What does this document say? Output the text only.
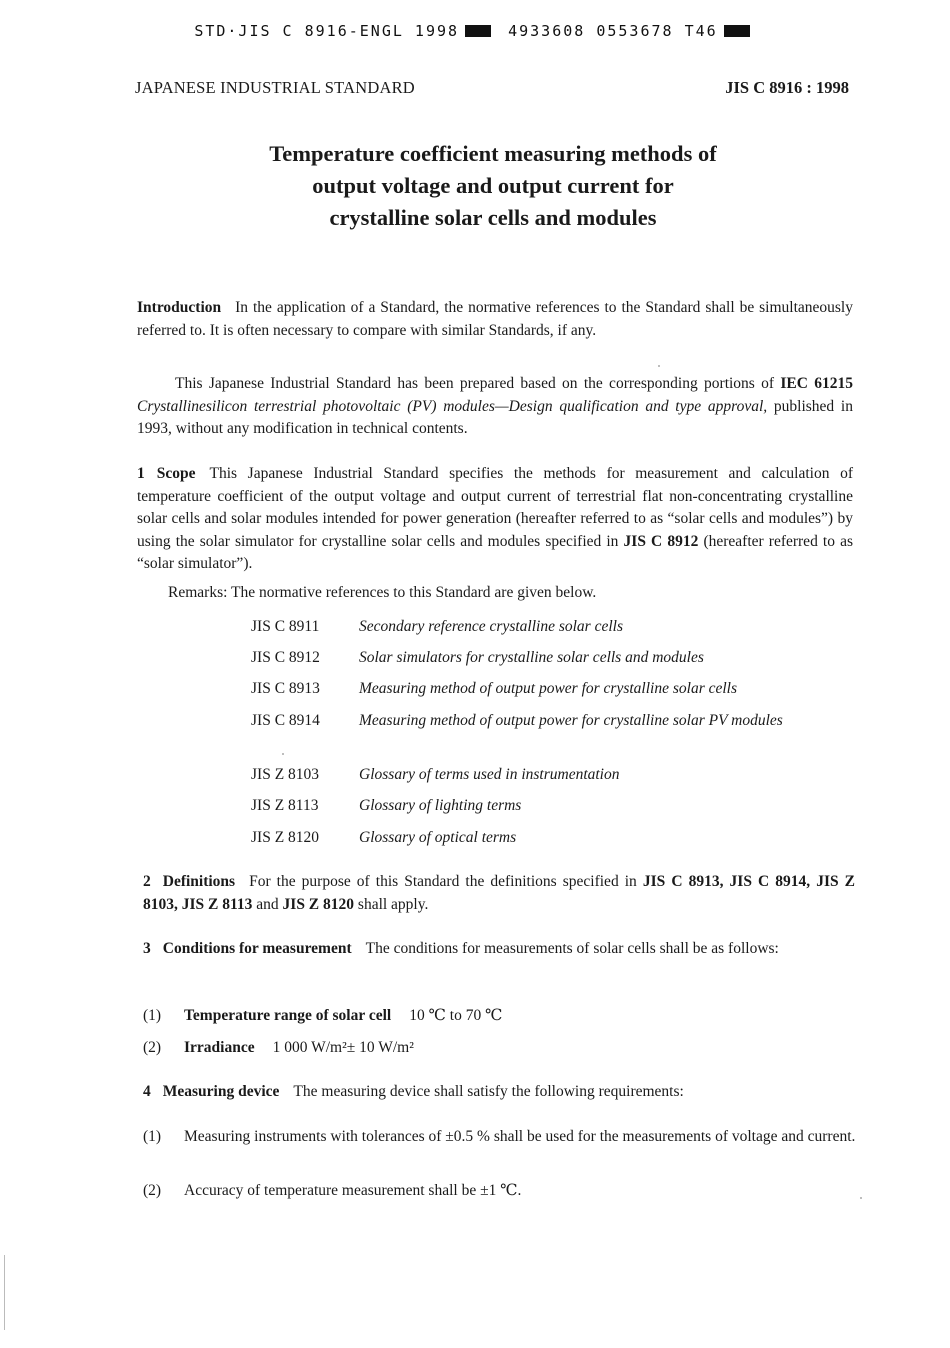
STD·JIS C 8916-ENGL 1998	4933608 0553678 T46
JAPANESE INDUSTRIAL STANDARD	JIS C 8916 : 1998
Temperature coefficient measuring methods of
output voltage and output current for
crystalline solar cells and modules
Introduction In the application of a Standard, the normative references to the Standard shall be simultaneously referred to. It is often necessary to compare with similar Standards, if any.
This Japanese Industrial Standard has been prepared based on the corresponding portions of IEC 61215 Crystallinesilicon terrestrial photovoltaic (PV) modules—Design qualification and type approval, published in 1993, without any modification in technical contents.
1 Scope This Japanese Industrial Standard specifies the methods for measurement and calculation of temperature coefficient of the output voltage and output current of terrestrial flat non-concentrating crystalline solar cells and solar modules intended for power generation (hereafter referred to as “solar cells and modules”) by using the solar simulator for crystalline solar cells and modules specified in JIS C 8912 (hereafter referred to as “solar simulator”).
Remarks: The normative references to this Standard are given below.
JIS C 8911	Secondary reference crystalline solar cells
JIS C 8912	Solar simulators for crystalline solar cells and modules
JIS C 8913	Measuring method of output power for crystalline solar cells
JIS C 8914	Measuring method of output power for crystalline solar PV modules
JIS Z 8103	Glossary of terms used in instrumentation
JIS Z 8113	Glossary of lighting terms
JIS Z 8120	Glossary of optical terms
2 Definitions For the purpose of this Standard the definitions specified in JIS C 8913, JIS C 8914, JIS Z 8103, JIS Z 8113 and JIS Z 8120 shall apply.
3 Conditions for measurement The conditions for measurements of solar cells shall be as follows:
(1)	Temperature range of solar cell 10 ℃ to 70 ℃
(2)	Irradiance 1 000 W/m²± 10 W/m²
4 Measuring device The measuring device shall satisfy the following requirements:
(1)	Measuring instruments with tolerances of ±0.5 % shall be used for the measurements of voltage and current.
(2)	Accuracy of temperature measurement shall be ±1 ℃.
